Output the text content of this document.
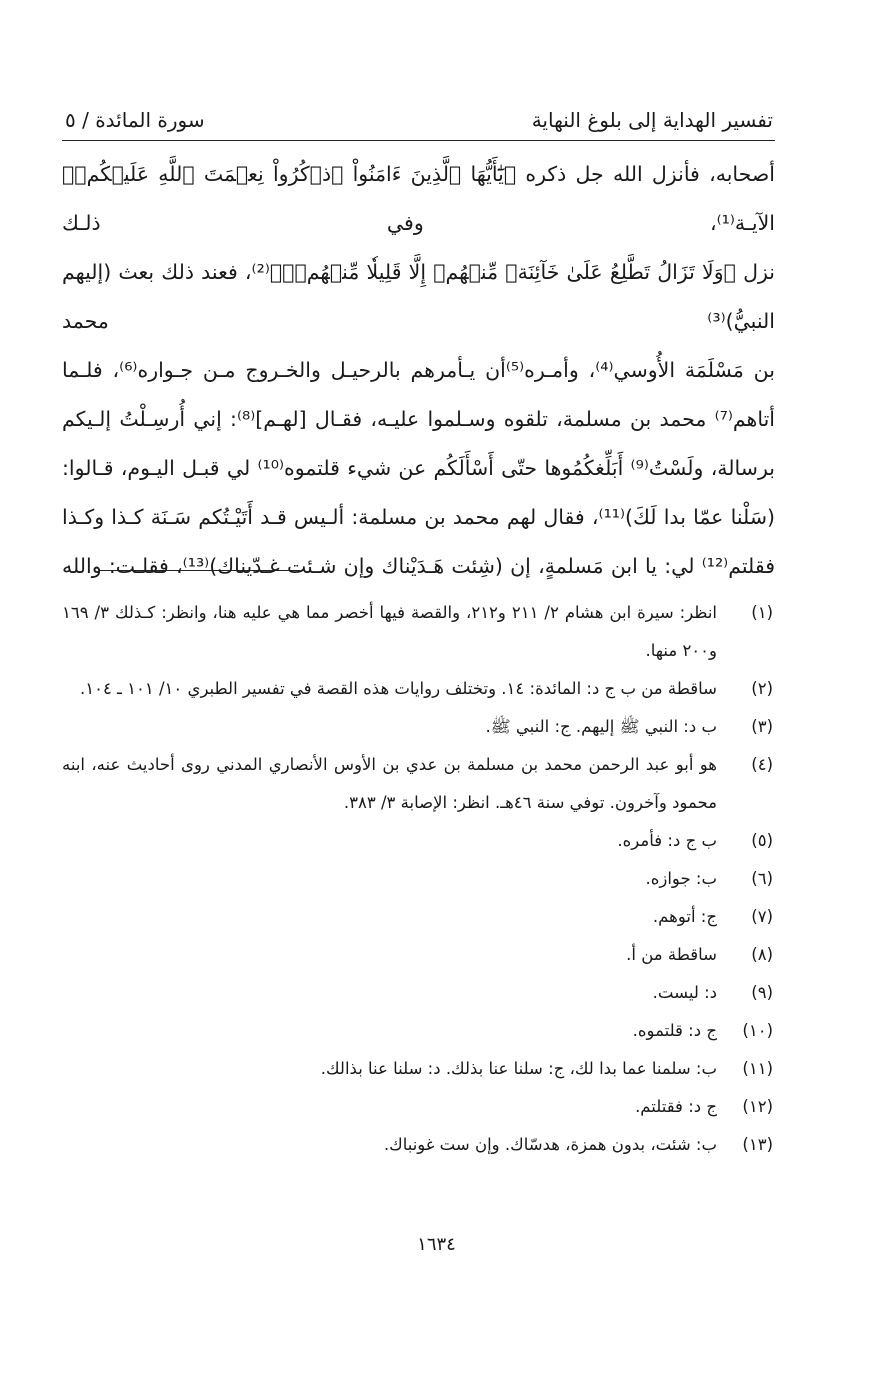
تفسير الهداية إلى بلوغ النهاية
سورة المائدة / ٥

أصحابه، فأنزل الله جل ذكره ﴿يَٰٓأَيُّهَا ٱلَّذِينَ ءَامَنُواْ ٱذۡكُرُواْ نِعۡمَتَ ٱللَّهِ عَلَيۡكُمۡ﴾ الآيـة⁽¹⁾، وفي ذلـك

نزل ﴿وَلَا تَزَالُ تَطَّلِعُ عَلَىٰ خَآئِنَةٖ مِّنۡهُمۡ إِلَّا قَلِيلٗا مِّنۡهُمۡۖ﴾⁽²⁾، فعند ذلك بعث (إليهم النبيُّ)⁽³⁾ محمد

بن مَسْلَمَة الأُوسي⁽⁴⁾، وأمـره⁽⁵⁾أن يـأمرهم بالرحيـل والخـروج مـن جـواره⁽⁶⁾، فلـما

أتاهم⁽⁷⁾ محمد بن مسلمة، تلقوه وسـلموا عليـه، فقـال [لهـم]⁽⁸⁾: إني أُرسِـلْتُ إلـيكم

برسالة، ولَسْتُ⁽⁹⁾ أَبَلِّغكُمُوها حتّى أَسْأَلَكُم عن شيء قلتموه⁽¹⁰⁾ لي قبـل اليـوم، قـالوا:

(سَلْنا عمّا بدا لَكَ)⁽¹¹⁾، فقال لهم محمد بن مسلمة: ألـيس قـد أَتَيْـتُكم سَـنَة كـذا وكـذا

فقلتم⁽¹²⁾ لي: يا ابن مَسلمةٍ، إن (شِئت هَـدَيْناك وإن شـئت غـدّيناك)⁽¹³⁾، فقلـت: والله

(١)
انظر: سيرة ابن هشام ٢/ ٢١١ و٢١٢، والقصة فيها أخصر مما هي عليه هنا، وانظر: كـذلك ٣/ ١٦٩ و٢٠٠ منها.
(٢)
ساقطة من ب ج د: المائدة: ١٤. وتختلف روايات هذه القصة في تفسير الطبري ١٠/ ١٠١ ـ ١٠٤.
(٣)
ب د: النبي ﷺ إليهم. ج: النبي ﷺ.
(٤)
هو أبو عبد الرحمن محمد بن مسلمة بن عدي بن الأوس الأنصاري المدني روى أحاديث عنه، ابنه محمود وآخرون. توفي سنة ٤٦هـ. انظر: الإصابة ٣/ ٣٨٣.
(٥)
ب ج د: فأمره.
(٦)
ب: جوازه.
(٧)
ج: أتوهم.
(٨)
ساقطة من أ.
(٩)
د: ليست.
(١٠)
ج د: قلتموه.
(١١)
ب: سلمنا عما بدا لك، ج: سلنا عنا بذلك. د: سلنا عنا بذالك.
(١٢)
ج د: فقتلتم.
(١٣)
ب: شئت، بدون همزة، هدسّاك. وإن ست غونباك.
١٦٣٤
